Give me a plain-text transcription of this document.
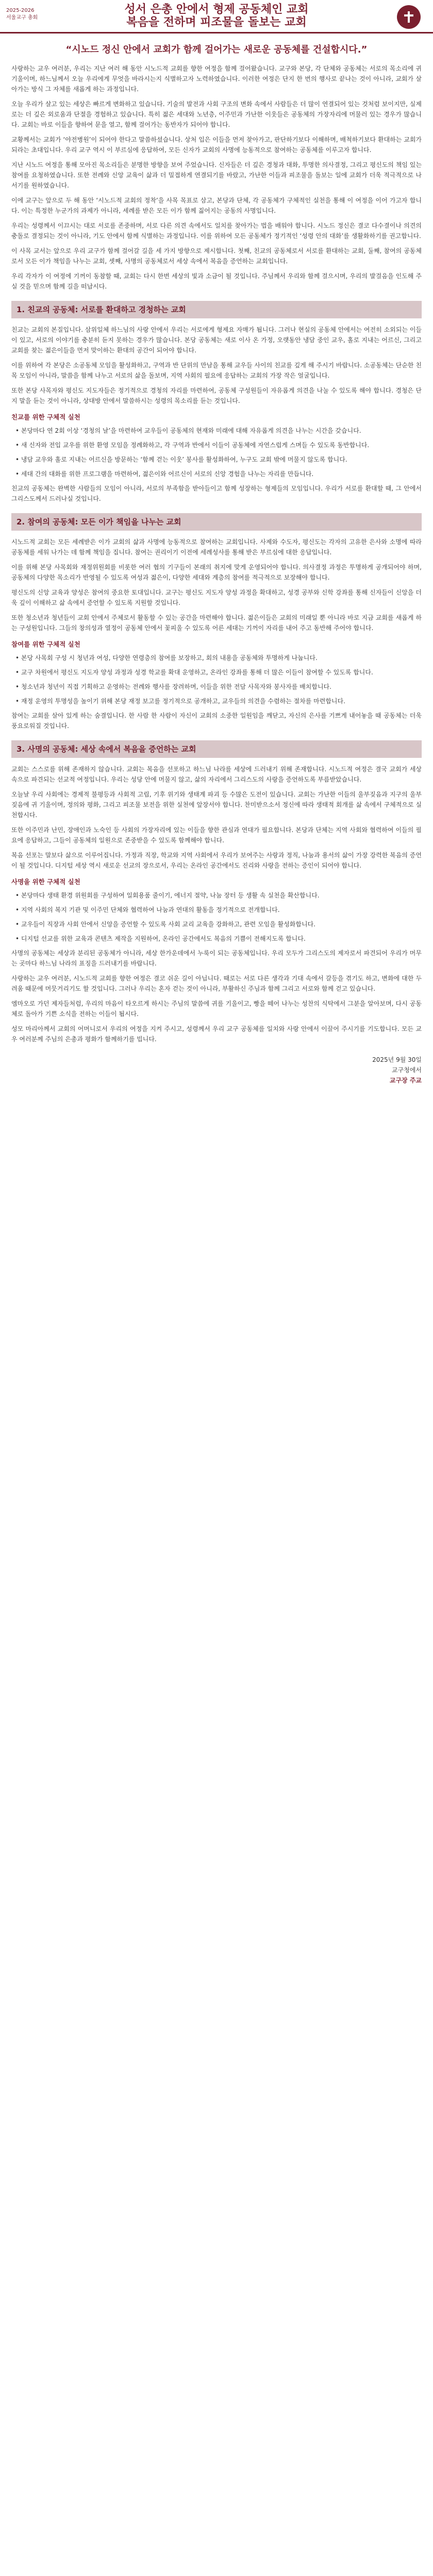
2025-2026
서울교구 총회
성서 은총 안에서 형제 공동체인 교회
복음을 전하며 피조물을 돌보는 교회
“시노드 정신 안에서 교회가 함께 걸어가는 새로운 공동체를 건설합시다.”

사랑하는 교우 여러분, 우리는 지난 여러 해 동안 시노드적 교회를 향한 여정을 함께 걸어왔습니다. 교구와 본당, 각 단체와 공동체는 서로의 목소리에 귀 기울이며, 하느님께서 오늘 우리에게 무엇을 바라시는지 식별하고자 노력하였습니다. 이러한 여정은 단지 한 번의 행사로 끝나는 것이 아니라, 교회가 살아가는 방식 그 자체를 새롭게 하는 과정입니다.

오늘 우리가 살고 있는 세상은 빠르게 변화하고 있습니다. 기술의 발전과 사회 구조의 변화 속에서 사람들은 더 많이 연결되어 있는 것처럼 보이지만, 실제로는 더 깊은 외로움과 단절을 경험하고 있습니다. 특히 젊은 세대와 노년층, 이주민과 가난한 이웃들은 공동체의 가장자리에 머물러 있는 경우가 많습니다. 교회는 바로 이들을 향하여 문을 열고, 함께 걸어가는 동반자가 되어야 합니다.

교황께서는 교회가 ‘야전병원’이 되어야 한다고 말씀하셨습니다. 상처 입은 이들을 먼저 찾아가고, 판단하기보다 이해하며, 배척하기보다 환대하는 교회가 되라는 초대입니다. 우리 교구 역시 이 부르심에 응답하여, 모든 신자가 교회의 사명에 능동적으로 참여하는 공동체를 이루고자 합니다.

지난 시노드 여정을 통해 모아진 목소리들은 분명한 방향을 보여 주었습니다. 신자들은 더 깊은 경청과 대화, 투명한 의사결정, 그리고 평신도의 책임 있는 참여를 요청하였습니다. 또한 전례와 신앙 교육이 삶과 더 밀접하게 연결되기를 바랐고, 가난한 이들과 피조물을 돌보는 일에 교회가 더욱 적극적으로 나서기를 원하였습니다.

이에 교구는 앞으로 두 해 동안 ‘시노드적 교회의 정착’을 사목 목표로 삼고, 본당과 단체, 각 공동체가 구체적인 실천을 통해 이 여정을 이어 가고자 합니다. 이는 특정한 누군가의 과제가 아니라, 세례를 받은 모든 이가 함께 짊어지는 공동의 사명입니다.

우리는 성령께서 이끄시는 대로 서로를 존중하며, 서로 다른 의견 속에서도 일치를 찾아가는 법을 배워야 합니다. 시노드 정신은 결코 다수결이나 의견의 충돌로 결정되는 것이 아니라, 기도 안에서 함께 식별하는 과정입니다. 이를 위하여 모든 공동체가 정기적인 ‘성령 안의 대화’를 생활화하기를 권고합니다.

이 사목 교서는 앞으로 우리 교구가 함께 걸어갈 길을 세 가지 방향으로 제시합니다. 첫째, 친교의 공동체로서 서로를 환대하는 교회, 둘째, 참여의 공동체로서 모든 이가 책임을 나누는 교회, 셋째, 사명의 공동체로서 세상 속에서 복음을 증언하는 교회입니다.

우리 각자가 이 여정에 기꺼이 동참할 때, 교회는 다시 한번 세상의 빛과 소금이 될 것입니다. 주님께서 우리와 함께 걸으시며, 우리의 발걸음을 인도해 주실 것을 믿으며 함께 길을 떠납시다.

1. 친교의 공동체: 서로를 환대하고 경청하는 교회

친교는 교회의 본질입니다. 삼위일체 하느님의 사랑 안에서 우리는 서로에게 형제요 자매가 됩니다. 그러나 현실의 공동체 안에서는 여전히 소외되는 이들이 있고, 서로의 이야기를 충분히 듣지 못하는 경우가 많습니다. 본당 공동체는 새로 이사 온 가정, 오랫동안 냉담 중인 교우, 홀로 지내는 어르신, 그리고 교회를 찾는 젊은이들을 먼저 맞이하는 환대의 공간이 되어야 합니다.

이를 위하여 각 본당은 소공동체 모임을 활성화하고, 구역과 반 단위의 만남을 통해 교우들 사이의 친교를 깊게 해 주시기 바랍니다. 소공동체는 단순한 친목 모임이 아니라, 말씀을 함께 나누고 서로의 삶을 돌보며, 지역 사회의 필요에 응답하는 교회의 가장 작은 얼굴입니다.

또한 본당 사목자와 평신도 지도자들은 정기적으로 경청의 자리를 마련하여, 공동체 구성원들이 자유롭게 의견을 나눌 수 있도록 해야 합니다. 경청은 단지 말을 듣는 것이 아니라, 상대방 안에서 말씀하시는 성령의 목소리를 듣는 것입니다.

친교를 위한 구체적 실천
• 본당마다 연 2회 이상 ‘경청의 날’을 마련하여 교우들이 공동체의 현재와 미래에 대해 자유롭게 의견을 나누는 시간을 갖습니다.
• 새 신자와 전입 교우를 위한 환영 모임을 정례화하고, 각 구역과 반에서 이들이 공동체에 자연스럽게 스며들 수 있도록 동반합니다.
• 냉담 교우와 홀로 지내는 어르신을 방문하는 ‘함께 걷는 이웃’ 봉사를 활성화하여, 누구도 교회 밖에 머물지 않도록 합니다.
• 세대 간의 대화를 위한 프로그램을 마련하여, 젊은이와 어르신이 서로의 신앙 경험을 나누는 자리를 만듭니다.

친교의 공동체는 완벽한 사람들의 모임이 아니라, 서로의 부족함을 받아들이고 함께 성장하는 형제들의 모임입니다. 우리가 서로를 환대할 때, 그 안에서 그리스도께서 드러나실 것입니다.

2. 참여의 공동체: 모든 이가 책임을 나누는 교회

시노드적 교회는 모든 세례받은 이가 교회의 삶과 사명에 능동적으로 참여하는 교회입니다. 사제와 수도자, 평신도는 각자의 고유한 은사와 소명에 따라 공동체를 세워 나가는 데 함께 책임을 집니다. 참여는 권리이기 이전에 세례성사를 통해 받은 부르심에 대한 응답입니다.

이를 위해 본당 사목회와 재정위원회를 비롯한 여러 협의 기구들이 본래의 취지에 맞게 운영되어야 합니다. 의사결정 과정은 투명하게 공개되어야 하며, 공동체의 다양한 목소리가 반영될 수 있도록 여성과 젊은이, 다양한 세대와 계층의 참여를 적극적으로 보장해야 합니다.

평신도의 신앙 교육과 양성은 참여의 중요한 토대입니다. 교구는 평신도 지도자 양성 과정을 확대하고, 성경 공부와 신학 강좌를 통해 신자들이 신앙을 더욱 깊이 이해하고 삶 속에서 증언할 수 있도록 지원할 것입니다.

또한 청소년과 청년들이 교회 안에서 주체로서 활동할 수 있는 공간을 마련해야 합니다. 젊은이들은 교회의 미래일 뿐 아니라 바로 지금 교회를 새롭게 하는 구성원입니다. 그들의 창의성과 열정이 공동체 안에서 꽃피울 수 있도록 어른 세대는 기꺼이 자리를 내어 주고 동반해 주어야 합니다.

참여를 위한 구체적 실천
• 본당 사목회 구성 시 청년과 여성, 다양한 연령층의 참여를 보장하고, 회의 내용을 공동체와 투명하게 나눕니다.
• 교구 차원에서 평신도 지도자 양성 과정과 성경 학교를 확대 운영하고, 온라인 강좌를 통해 더 많은 이들이 참여할 수 있도록 합니다.
• 청소년과 청년이 직접 기획하고 운영하는 전례와 행사를 장려하며, 이들을 위한 전담 사목자와 봉사자를 배치합니다.
• 재정 운영의 투명성을 높이기 위해 본당 재정 보고를 정기적으로 공개하고, 교우들의 의견을 수렴하는 절차를 마련합니다.

참여는 교회를 살아 있게 하는 숨결입니다. 한 사람 한 사람이 자신이 교회의 소중한 일원임을 깨닫고, 자신의 은사를 기쁘게 내어놓을 때 공동체는 더욱 풍요로워질 것입니다.

3. 사명의 공동체: 세상 속에서 복음을 증언하는 교회

교회는 스스로를 위해 존재하지 않습니다. 교회는 복음을 선포하고 하느님 나라를 세상에 드러내기 위해 존재합니다. 시노드적 여정은 결국 교회가 세상 속으로 파견되는 선교적 여정입니다. 우리는 성당 안에 머물지 않고, 삶의 자리에서 그리스도의 사랑을 증언하도록 부름받았습니다.

오늘날 우리 사회에는 경제적 불평등과 사회적 고립, 기후 위기와 생태계 파괴 등 수많은 도전이 있습니다. 교회는 가난한 이들의 울부짖음과 지구의 울부짖음에 귀 기울이며, 정의와 평화, 그리고 피조물 보전을 위한 실천에 앞장서야 합니다. 찬미받으소서 정신에 따라 생태적 회개를 삶 속에서 구체적으로 실천합시다.

또한 이주민과 난민, 장애인과 노숙인 등 사회의 가장자리에 있는 이들을 향한 관심과 연대가 필요합니다. 본당과 단체는 지역 사회와 협력하여 이들의 필요에 응답하고, 그들이 공동체의 일원으로 존중받을 수 있도록 함께해야 합니다.

복음 선포는 말보다 삶으로 이루어집니다. 가정과 직장, 학교와 지역 사회에서 우리가 보여주는 사랑과 정직, 나눔과 용서의 삶이 가장 강력한 복음의 증언이 될 것입니다. 디지털 세상 역시 새로운 선교의 장으로서, 우리는 온라인 공간에서도 진리와 사랑을 전하는 증인이 되어야 합니다.

사명을 위한 구체적 실천
• 본당마다 생태 환경 위원회를 구성하여 일회용품 줄이기, 에너지 절약, 나눔 장터 등 생활 속 실천을 확산합니다.
• 지역 사회의 복지 기관 및 이주민 단체와 협력하여 나눔과 연대의 활동을 정기적으로 전개합니다.
• 교우들이 직장과 사회 안에서 신앙을 증언할 수 있도록 사회 교리 교육을 강화하고, 관련 모임을 활성화합니다.
• 디지털 선교를 위한 교육과 콘텐츠 제작을 지원하여, 온라인 공간에서도 복음의 기쁨이 전해지도록 합니다.

사명의 공동체는 세상과 분리된 공동체가 아니라, 세상 한가운데에서 누룩이 되는 공동체입니다. 우리 모두가 그리스도의 제자로서 파견되어 우리가 머무는 곳마다 하느님 나라의 표징을 드러내기를 바랍니다.

사랑하는 교우 여러분, 시노드적 교회를 향한 여정은 결코 쉬운 길이 아닙니다. 때로는 서로 다른 생각과 기대 속에서 갈등을 겪기도 하고, 변화에 대한 두려움 때문에 머뭇거리기도 할 것입니다. 그러나 우리는 혼자 걷는 것이 아니라, 부활하신 주님과 함께 그리고 서로와 함께 걷고 있습니다.

엠마오로 가던 제자들처럼, 우리의 마음이 타오르게 하시는 주님의 말씀에 귀를 기울이고, 빵을 떼어 나누는 성찬의 식탁에서 그분을 알아보며, 다시 공동체로 돌아가 기쁜 소식을 전하는 이들이 됩시다.

성모 마리아께서 교회의 어머니로서 우리의 여정을 지켜 주시고, 성령께서 우리 교구 공동체를 일치와 사랑 안에서 이끌어 주시기를 기도합니다. 모든 교우 여러분께 주님의 은총과 평화가 함께하기를 빕니다.

2025년 9월 30일
교구청에서
교구장 주교
